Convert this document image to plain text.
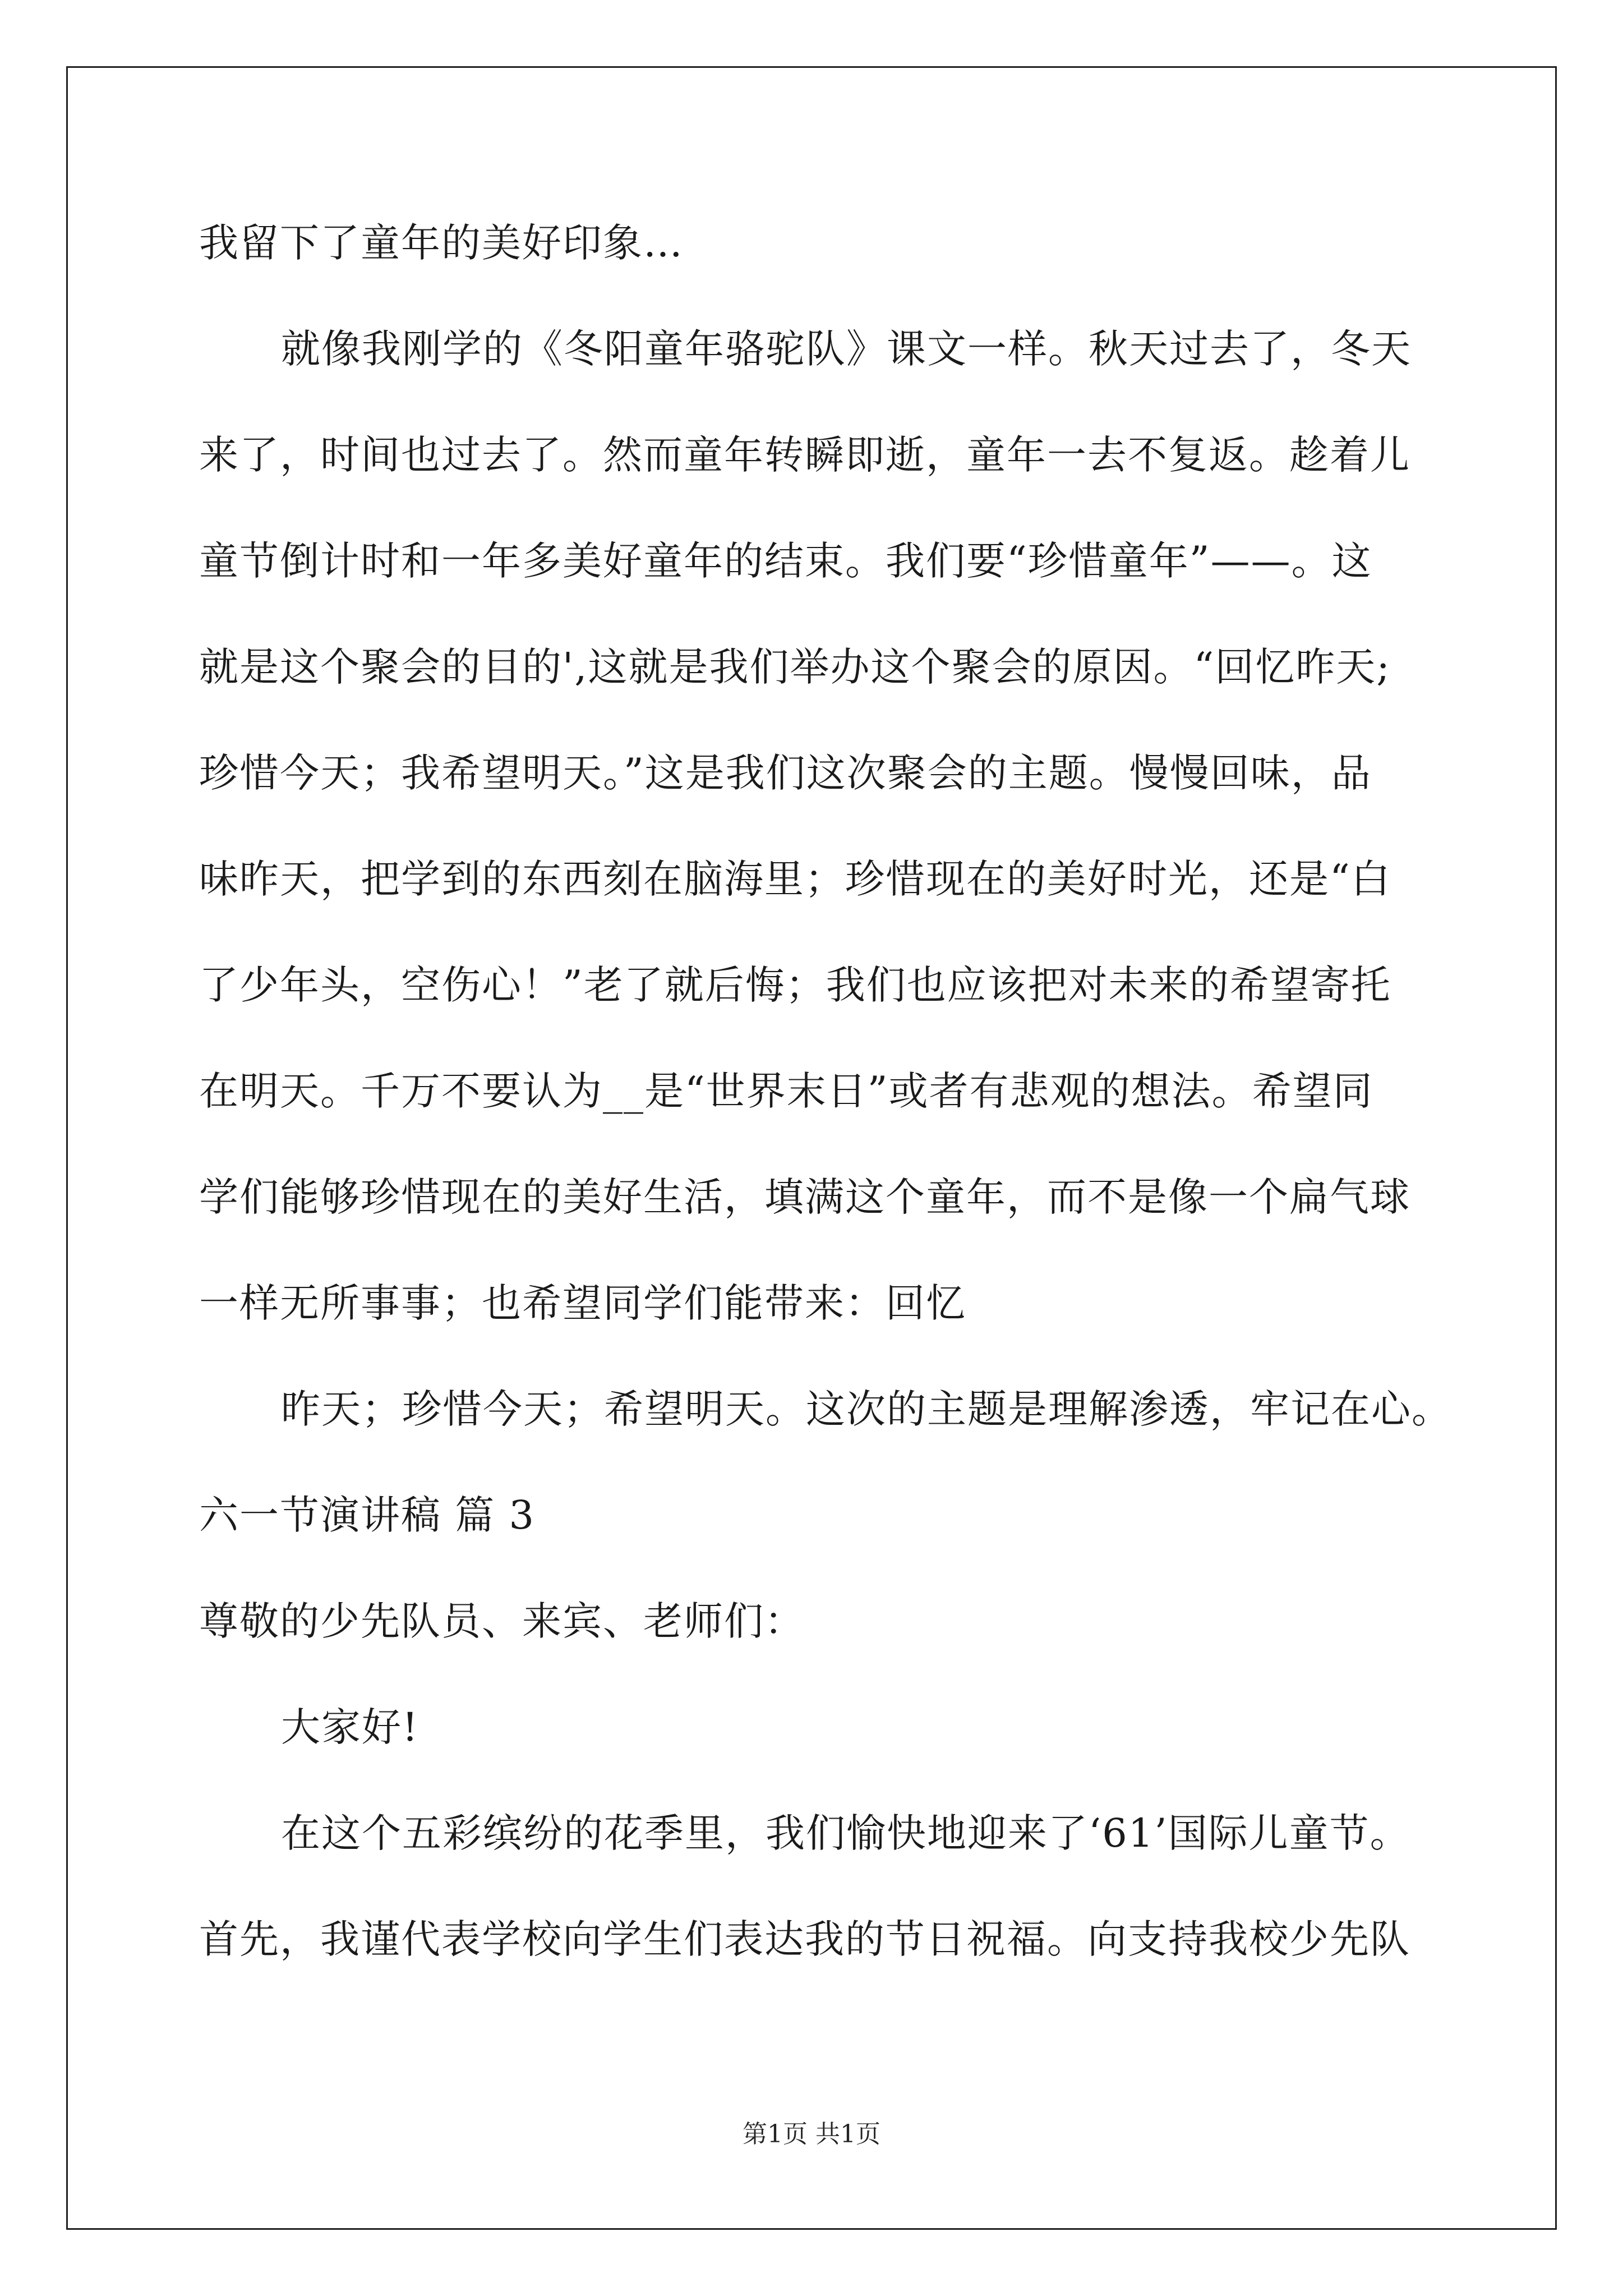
我留下了童年的美好印象…
就像我刚学的《冬阳童年骆驼队》课文一样。秋天过去了，冬天
来了，时间也过去了。然而童年转瞬即逝，童年一去不复返。趁着儿
童节倒计时和一年多美好童年的结束。我们要“珍惜童年”——。这
就是这个聚会的目的',这就是我们举办这个聚会的原因。“回忆昨天;
珍惜今天；我希望明天。”这是我们这次聚会的主题。慢慢回味，品
味昨天，把学到的东西刻在脑海里；珍惜现在的美好时光，还是“白
了少年头，空伤心！”老了就后悔；我们也应该把对未来的希望寄托
在明天。千万不要认为__是“世界末日”或者有悲观的想法。希望同
学们能够珍惜现在的美好生活，填满这个童年，而不是像一个扁气球
一样无所事事；也希望同学们能带来：回忆
昨天；珍惜今天；希望明天。这次的主题是理解渗透，牢记在心。
六一节演讲稿 篇 3
尊敬的少先队员、来宾、老师们：
大家好!
在这个五彩缤纷的花季里，我们愉快地迎来了‘61’国际儿童节。
首先，我谨代表学校向学生们表达我的节日祝福。向支持我校少先队
第1页 共1页
